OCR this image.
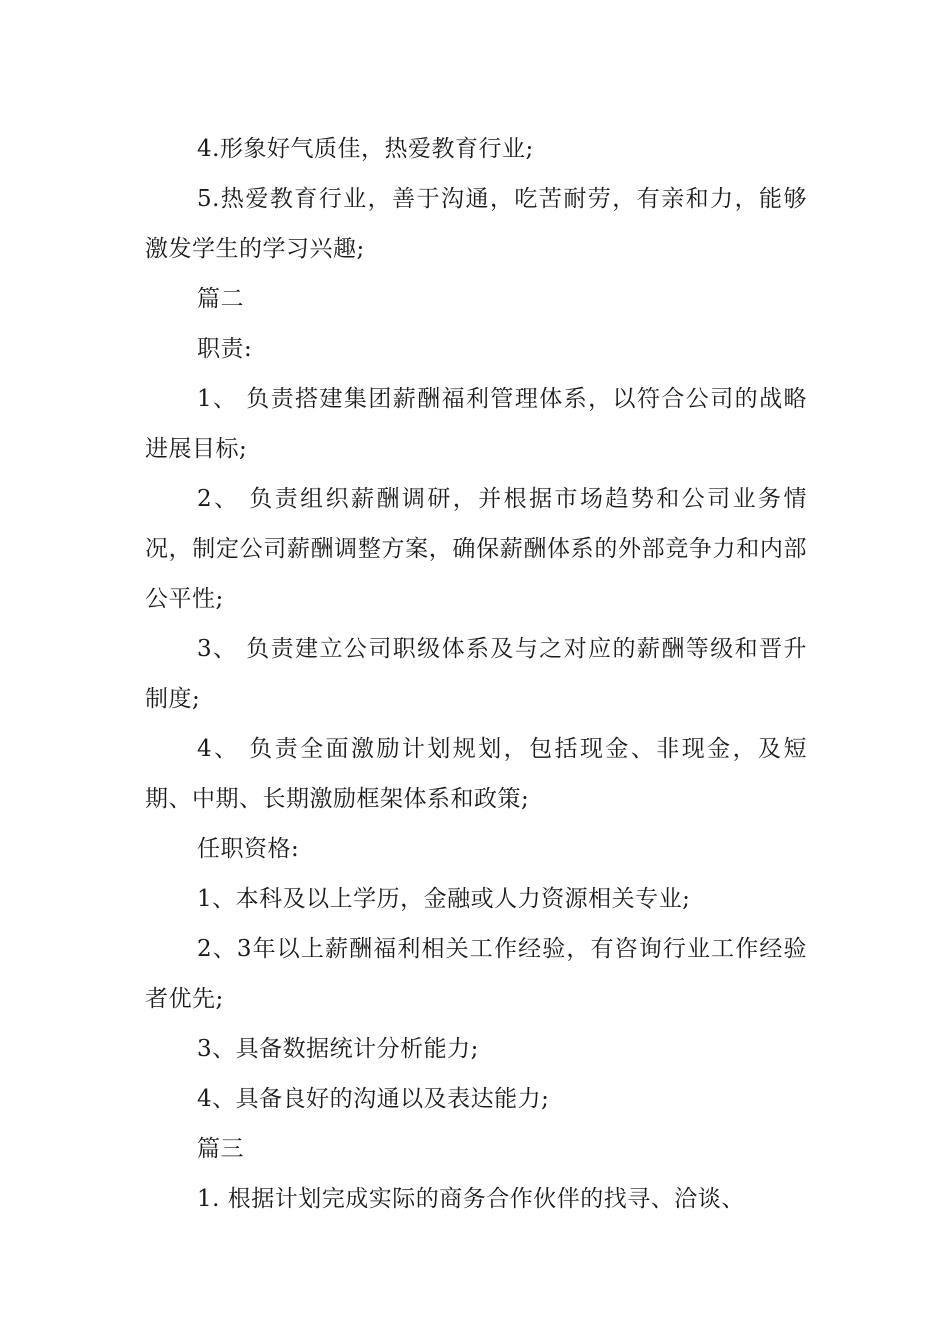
4.形象好气质佳，热爱教育行业;

5.热爱教育行业，善于沟通，吃苦耐劳，有亲和力，能够激发学生的学习兴趣;

篇二

职责:

1、 负责搭建集团薪酬福利管理体系，以符合公司的战略进展目标;

2、 负责组织薪酬调研，并根据市场趋势和公司业务情况，制定公司薪酬调整方案，确保薪酬体系的外部竞争力和内部公平性;

3、 负责建立公司职级体系及与之对应的薪酬等级和晋升制度;

4、 负责全面激励计划规划，包括现金、非现金，及短期、中期、长期激励框架体系和政策;

任职资格:

1、本科及以上学历，金融或人力资源相关专业;

2、3年以上薪酬福利相关工作经验，有咨询行业工作经验者优先;

3、具备数据统计分析能力;

4、具备良好的沟通以及表达能力;

篇三

1. 根据计划完成实际的商务合作伙伴的找寻、洽谈、
